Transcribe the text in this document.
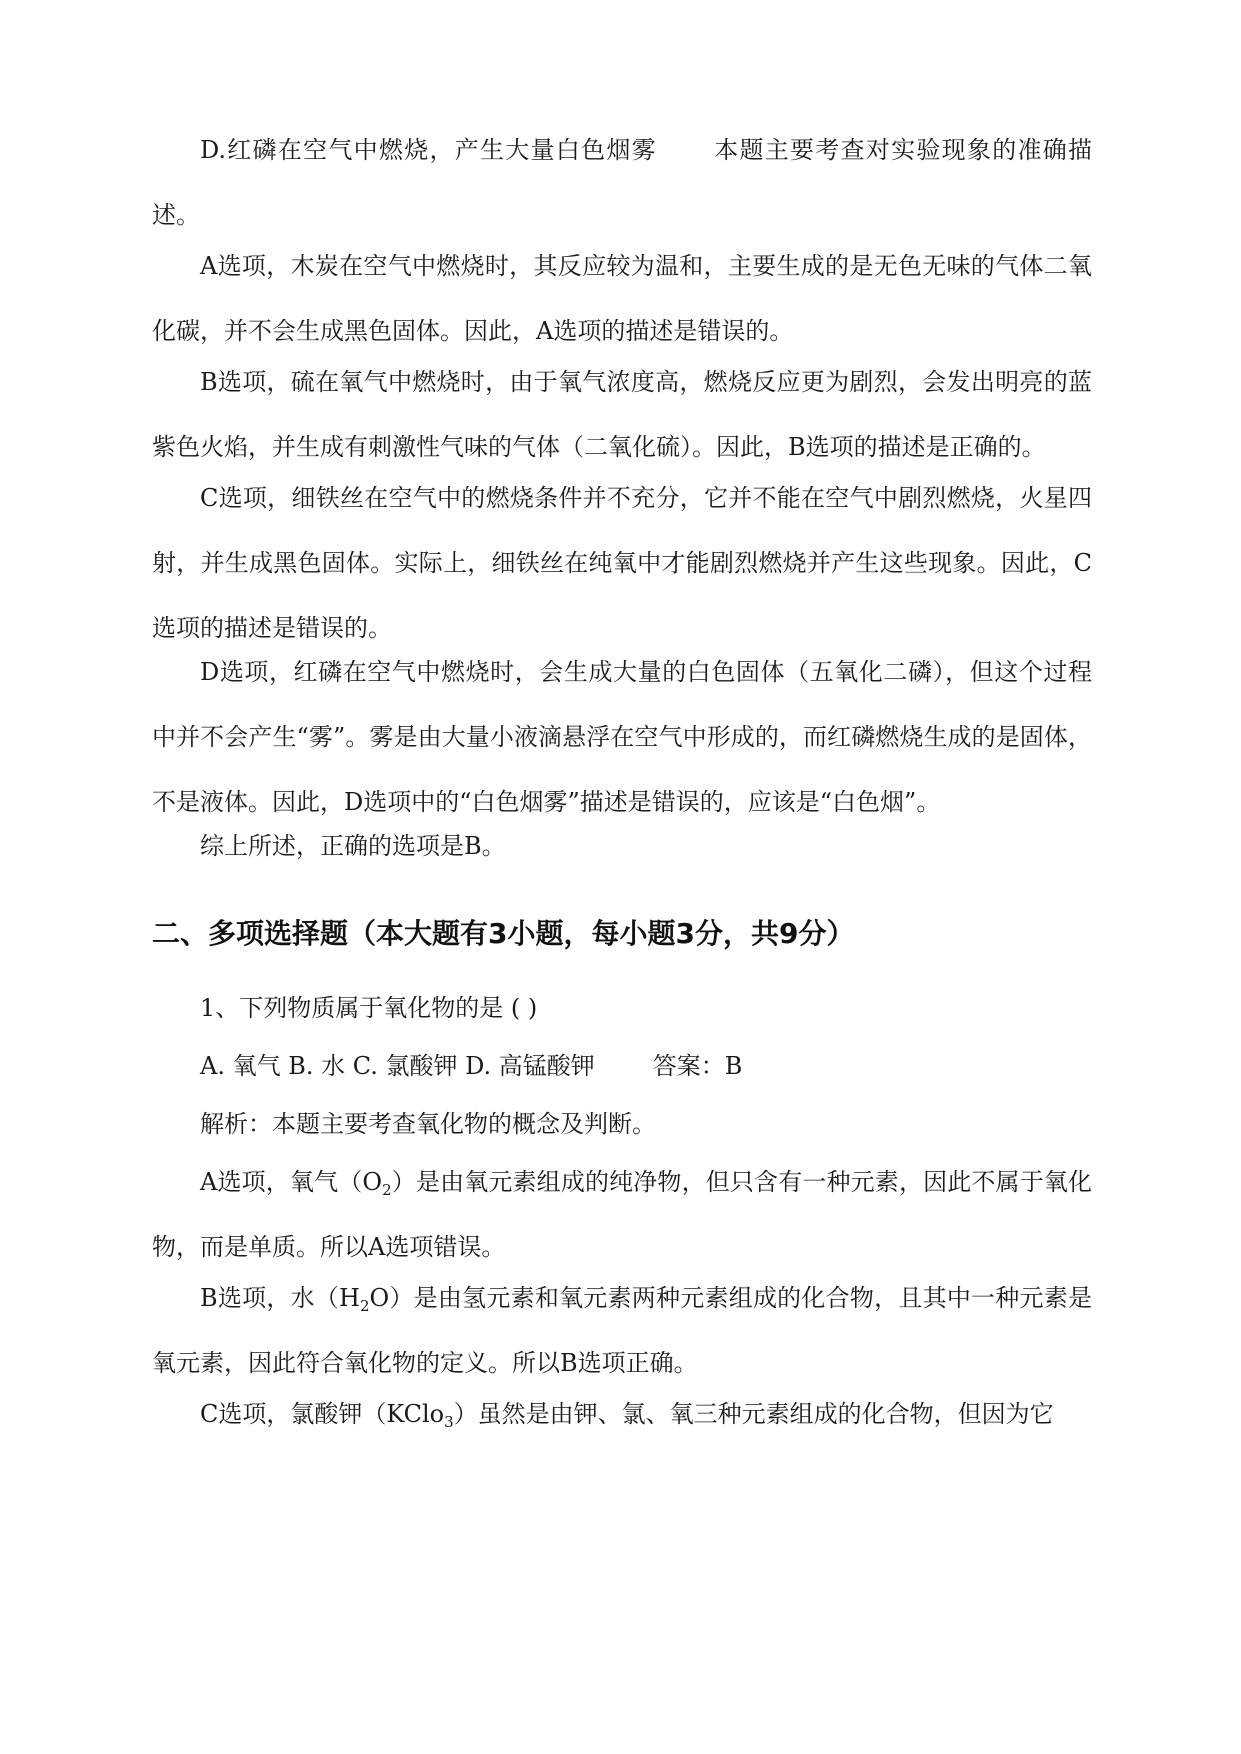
D.红磷在空气中燃烧，产生大量白色烟雾 本题主要考查对实验现象的准确描述。

A选项，木炭在空气中燃烧时，其反应较为温和，主要生成的是无色无味的气体二氧化碳，并不会生成黑色固体。因此，A选项的描述是错误的。

B选项，硫在氧气中燃烧时，由于氧气浓度高，燃烧反应更为剧烈，会发出明亮的蓝紫色火焰，并生成有刺激性气味的气体（二氧化硫）。因此，B选项的描述是正确的。

C选项，细铁丝在空气中的燃烧条件并不充分，它并不能在空气中剧烈燃烧，火星四射，并生成黑色固体。实际上，细铁丝在纯氧中才能剧烈燃烧并产生这些现象。因此，C选项的描述是错误的。

D选项，红磷在空气中燃烧时，会生成大量的白色固体（五氧化二磷），但这个过程中并不会产生“雾”。雾是由大量小液滴悬浮在空气中形成的，而红磷燃烧生成的是固体，不是液体。因此，D选项中的“白色烟雾”描述是错误的，应该是“白色烟”。

综上所述，正确的选项是B。

二、多项选择题（本大题有3小题，每小题3分，共9分）

1、下列物质属于氧化物的是 ( )

A. 氧气 B. 水 C. 氯酸钾 D. 高锰酸钾 答案：B

解析：本题主要考查氧化物的概念及判断。

A选项，氧气$(O_2)$是由氧元素组成的纯净物，但只含有一种元素，因此不属于氧化物，而是单质。所以A选项错误。

B选项，水$(H_2O)$是由氢元素和氧元素两种元素组成的化合物，且其中一种元素是氧元素，因此符合氧化物的定义。所以B选项正确。

C选项，氯酸钾（KClo$_3$）虽然是由钾、氯、氧三种元素组成的化合物，但因为它
